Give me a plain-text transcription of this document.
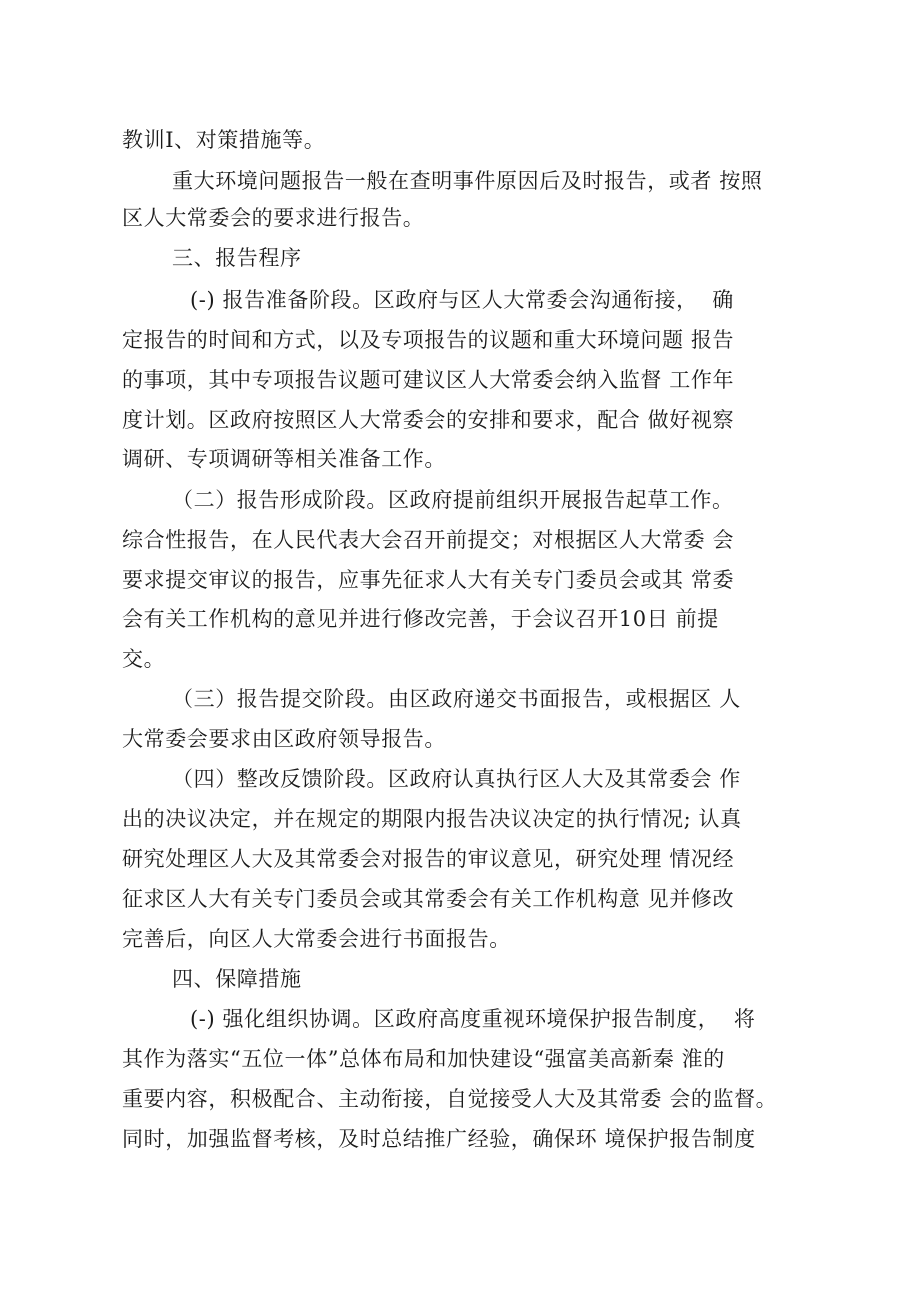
教训I、对策措施等。
重大环境问题报告一般在查明事件原因后及时报告，或者 按照
区人大常委会的要求进行报告。
三、报告程序
(-) 报告准备阶段。区政府与区人大常委会沟通衔接，  确
定报告的时间和方式，以及专项报告的议题和重大环境问题 报告
的事项，其中专项报告议题可建议区人大常委会纳入监督 工作年
度计划。区政府按照区人大常委会的安排和要求，配合 做好视察
调研、专项调研等相关准备工作。
（二）报告形成阶段。区政府提前组织开展报告起草工作。
综合性报告，在人民代表大会召开前提交；对根据区人大常委 会
要求提交审议的报告，应事先征求人大有关专门委员会或其 常委
会有关工作机构的意见并进行修改完善，于会议召开10日 前提
交。
（三）报告提交阶段。由区政府递交书面报告，或根据区 人
大常委会要求由区政府领导报告。
（四）整改反馈阶段。区政府认真执行区人大及其常委会 作
出的决议决定，并在规定的期限内报告决议决定的执行情况; 认真
研究处理区人大及其常委会对报告的审议意见，研究处理 情况经
征求区人大有关专门委员会或其常委会有关工作机构意 见并修改
完善后，向区人大常委会进行书面报告。
四、保障措施
(-) 强化组织协调。区政府高度重视环境保护报告制度，  将
其作为落实“五位一体”总体布局和加快建设“强富美高新秦 淮的
重要内容，积极配合、主动衔接，自觉接受人大及其常委 会的监督。
同时，加强监督考核，及时总结推广经验，确保环 境保护报告制度
